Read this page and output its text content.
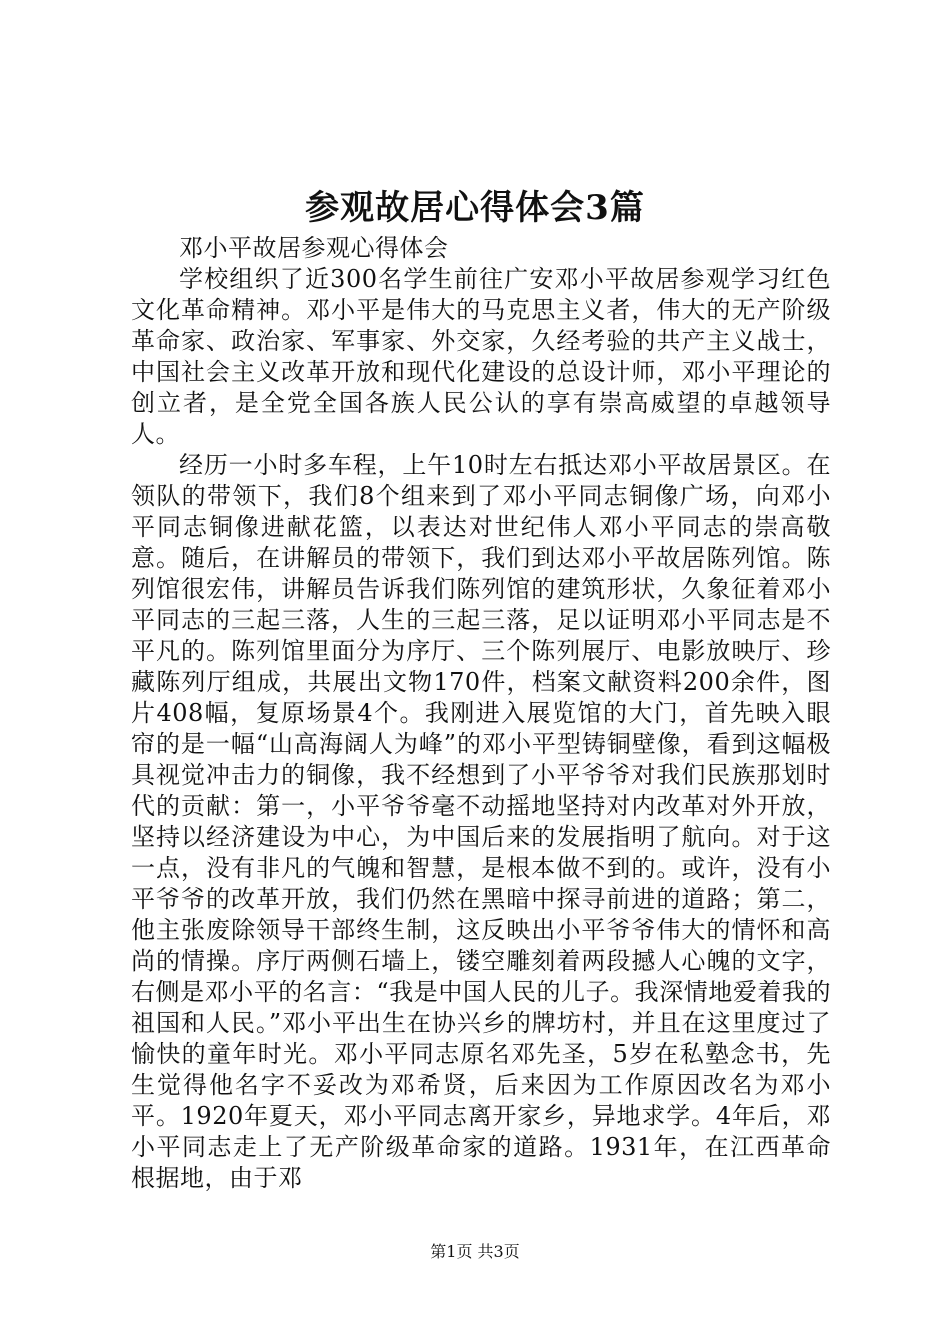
参观故居心得体会3篇

邓小平故居参观心得体会

学校组织了近300名学生前往广安邓小平故居参观学习红色文化革命精神。邓小平是伟大的马克思主义者，伟大的无产阶级革命家、政治家、军事家、外交家，久经考验的共产主义战士，中国社会主义改革开放和现代化建设的总设计师，邓小平理论的创立者，是全党全国各族人民公认的享有崇高威望的卓越领导人。

经历一小时多车程，上午10时左右抵达邓小平故居景区。在领队的带领下，我们8个组来到了邓小平同志铜像广场，向邓小平同志铜像进献花篮，以表达对世纪伟人邓小平同志的崇高敬意。随后，在讲解员的带领下，我们到达邓小平故居陈列馆。陈列馆很宏伟，讲解员告诉我们陈列馆的建筑形状，久象征着邓小平同志的三起三落，人生的三起三落，足以证明邓小平同志是不平凡的。陈列馆里面分为序厅、三个陈列展厅、电影放映厅、珍藏陈列厅组成，共展出文物170件，档案文献资料200余件，图片408幅，复原场景4个。我刚进入展览馆的大门，首先映入眼帘的是一幅“山高海阔人为峰”的邓小平型铸铜壁像，看到这幅极具视觉冲击力的铜像，我不经想到了小平爷爷对我们民族那划时代的贡献：第一，小平爷爷毫不动摇地坚持对内改革对外开放，坚持以经济建设为中心，为中国后来的发展指明了航向。对于这一点，没有非凡的气魄和智慧，是根本做不到的。或许，没有小平爷爷的改革开放，我们仍然在黑暗中探寻前进的道路；第二，他主张废除领导干部终生制，这反映出小平爷爷伟大的情怀和高尚的情操。序厅两侧石墙上，镂空雕刻着两段撼人心魄的文字，右侧是邓小平的名言：“我是中国人民的儿子。我深情地爱着我的祖国和人民。”邓小平出生在协兴乡的牌坊村，并且在这里度过了愉快的童年时光。邓小平同志原名邓先圣，5岁在私塾念书，先生觉得他名字不妥改为邓希贤，后来因为工作原因改名为邓小平。1920年夏天，邓小平同志离开家乡，异地求学。4年后，邓小平同志走上了无产阶级革命家的道路。1931年，在江西革命根据地，由于邓

第1页 共3页
